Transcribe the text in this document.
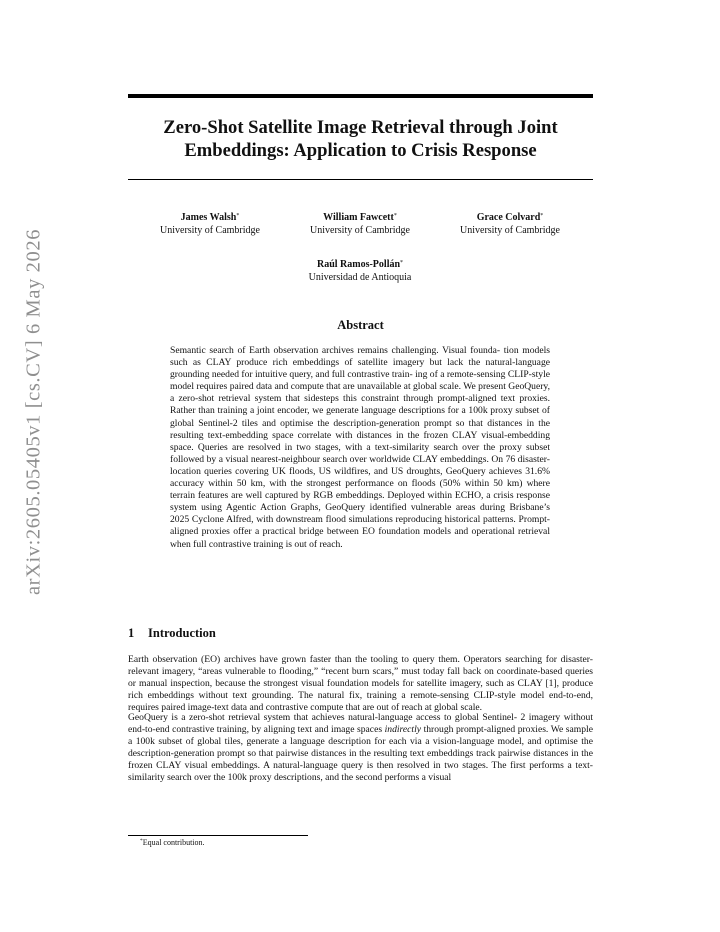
arXiv:2605.05405v1 [cs.CV] 6 May 2026
Zero-Shot Satellite Image Retrieval through Joint
Embeddings: Application to Crisis Response
James Walsh*
University of Cambridge
William Fawcett*
University of Cambridge
Grace Colvard*
University of Cambridge
Raúl Ramos-Pollán*
Universidad de Antioquia
Abstract
Semantic search of Earth observation archives remains challenging. Visual founda- tion models such as CLAY produce rich embeddings of satellite imagery but lack the natural-language grounding needed for intuitive query, and full contrastive train- ing of a remote-sensing CLIP-style model requires paired data and compute that are unavailable at global scale. We present GeoQuery, a zero-shot retrieval system that sidesteps this constraint through prompt-aligned text proxies. Rather than training a joint encoder, we generate language descriptions for a 100k proxy subset of global Sentinel-2 tiles and optimise the description-generation prompt so that distances in the resulting text-embedding space correlate with distances in the frozen CLAY visual-embedding space. Queries are resolved in two stages, with a text-similarity search over the proxy subset followed by a visual nearest-neighbour search over worldwide CLAY embeddings. On 76 disaster-location queries covering UK floods, US wildfires, and US droughts, GeoQuery achieves 31.6% accuracy within 50 km, with the strongest performance on floods (50% within 50 km) where terrain features are well captured by RGB embeddings. Deployed within ECHO, a crisis response system using Agentic Action Graphs, GeoQuery identified vulnerable areas during Brisbane’s 2025 Cyclone Alfred, with downstream flood simulations reproducing historical patterns. Prompt-aligned proxies offer a practical bridge between EO foundation models and operational retrieval when full contrastive training is out of reach.
1 Introduction
Earth observation (EO) archives have grown faster than the tooling to query them. Operators searching for disaster-relevant imagery, “areas vulnerable to flooding,” “recent burn scars,” must today fall back on coordinate-based queries or manual inspection, because the strongest visual foundation models for satellite imagery, such as CLAY [1], produce rich embeddings without text grounding. The natural fix, training a remote-sensing CLIP-style model end-to-end, requires paired image-text data and contrastive compute that are out of reach at global scale.
GeoQuery is a zero-shot retrieval system that achieves natural-language access to global Sentinel- 2 imagery without end-to-end contrastive training, by aligning text and image spaces indirectly through prompt-aligned proxies. We sample a 100k subset of global tiles, generate a language description for each via a vision-language model, and optimise the description-generation prompt so that pairwise distances in the resulting text embeddings track pairwise distances in the frozen CLAY visual embeddings. A natural-language query is then resolved in two stages. The first performs a text-similarity search over the 100k proxy descriptions, and the second performs a visual

*Equal contribution.
